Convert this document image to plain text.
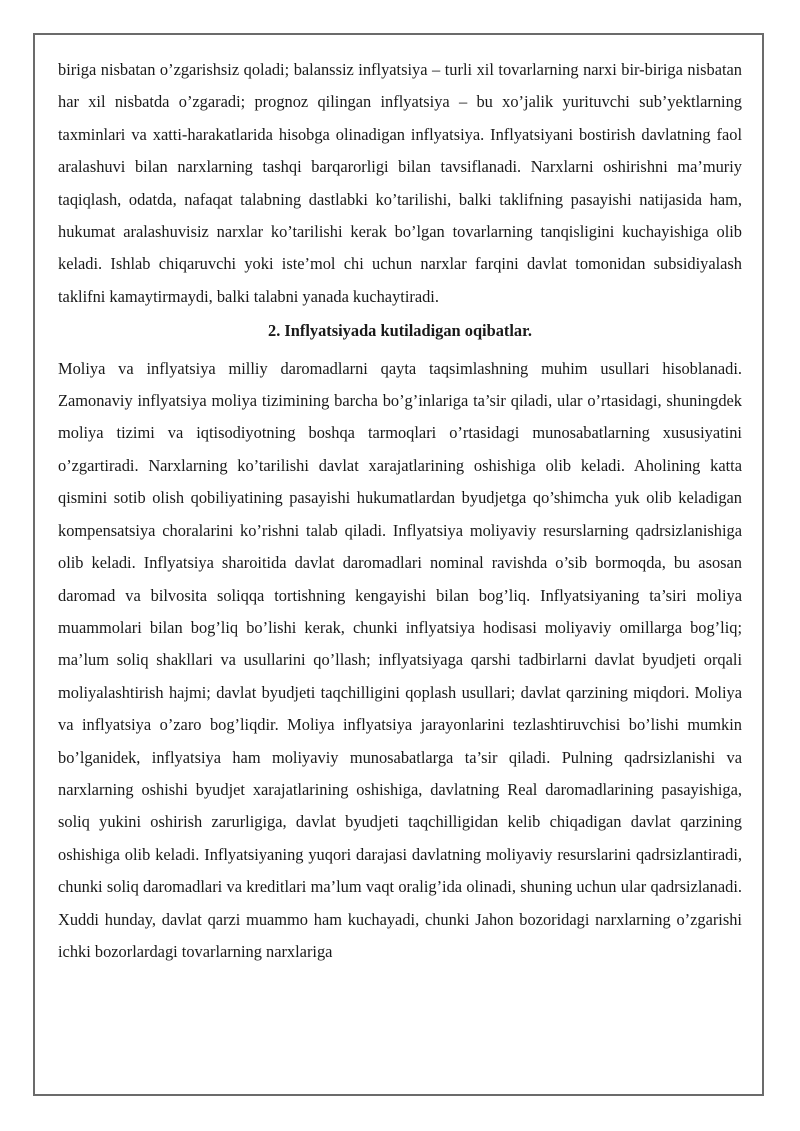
biriga nisbatan o’zgarishsiz qoladi; balanssiz inflyatsiya – turli xil tovarlarning narxi bir-biriga nisbatan har xil nisbatda o’zgaradi; prognoz qilingan inflyatsiya – bu xo’jalik yurituvchi sub’yektlarning taxminlari va xatti-harakatlarida hisobga olinadigan inflyatsiya. Inflyatsiyani bostirish davlatning faol aralashuvi bilan narxlarning tashqi barqarorligi bilan tavsiflanadi. Narxlarni oshirishni ma’muriy taqiqlash, odatda, nafaqat talabning dastlabki ko’tarilishi, balki taklifning pasayishi natijasida ham, hukumat aralashuvisiz narxlar ko’tarilishi kerak bo’lgan tovarlarning tanqisligini kuchayishiga olib keladi. Ishlab chiqaruvchi yoki iste’mol chi uchun narxlar farqini davlat tomonidan subsidiyalash taklifni kamaytirmaydi, balki talabni yanada kuchaytiradi.

2. Inflyatsiyada kutiladigan oqibatlar.

Moliya va inflyatsiya milliy daromadlarni qayta taqsimlashning muhim usullari hisoblanadi. Zamonaviy inflyatsiya moliya tizimining barcha bo’g’inlariga ta’sir qiladi, ular o’rtasidagi, shuningdek moliya tizimi va iqtisodiyotning boshqa tarmoqlari o’rtasidagi munosabatlarning xususiyatini o’zgartiradi. Narxlarning ko’tarilishi davlat xarajatlarining oshishiga olib keladi. Aholining katta qismini sotib olish qobiliyatining pasayishi hukumatlardan byudjetga qo’shimcha yuk olib keladigan kompensatsiya choralarini ko’rishni talab qiladi. Inflyatsiya moliyaviy resurslarning qadrsizlanishiga olib keladi. Inflyatsiya sharoitida davlat daromadlari nominal ravishda o’sib bormoqda, bu asosan daromad va bilvosita soliqqa tortishning kengayishi bilan bog’liq. Inflyatsiyaning ta’siri moliya muammolari bilan bog’liq bo’lishi kerak, chunki inflyatsiya hodisasi moliyaviy omillarga bog’liq; ma’lum soliq shakllari va usullarini qo’llash; inflyatsiyaga qarshi tadbirlarni davlat byudjeti orqali moliyalashtirish hajmi; davlat byudjeti taqchilligini qoplash usullari; davlat qarzining miqdori. Moliya va inflyatsiya o’zaro bog’liqdir. Moliya inflyatsiya jarayonlarini tezlashtiruvchisi bo’lishi mumkin bo’lganidek, inflyatsiya ham moliyaviy munosabatlarga ta’sir qiladi. Pulning qadrsizlanishi va narxlarning oshishi byudjet xarajatlarining oshishiga, davlatning Real daromadlarining pasayishiga, soliq yukini oshirish zarurligiga, davlat byudjeti taqchilligidan kelib chiqadigan davlat qarzining oshishiga olib keladi. Inflyatsiyaning yuqori darajasi davlatning moliyaviy resurslarini qadrsizlantiradi, chunki soliq daromadlari va kreditlari ma’lum vaqt oralig’ida olinadi, shuning uchun ular qadrsizlanadi. Xuddi hunday, davlat qarzi muammo ham kuchayadi, chunki Jahon bozoridagi narxlarning o’zgarishi ichki bozorlardagi tovarlarning narxlariga
